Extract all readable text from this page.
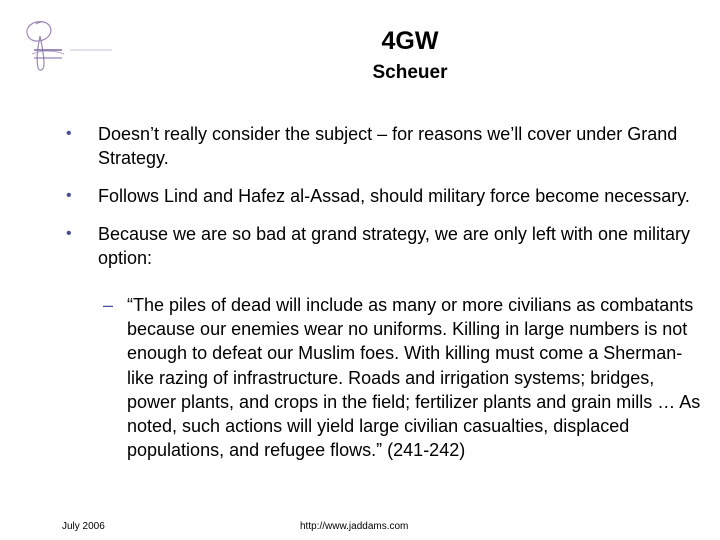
4GW
Scheuer
• Doesn’t really consider the subject – for reasons we’ll cover under Grand Strategy.
• Follows Lind and Hafez al-Assad, should military force become necessary.
• Because we are so bad at grand strategy, we are only left with one military option:
– “The piles of dead will include as many or more civilians as combatants because our enemies wear no uniforms. Killing in large numbers is not enough to defeat our Muslim foes. With killing must come a Sherman-like razing of infrastructure. Roads and irrigation systems; bridges, power plants, and crops in the field; fertilizer plants and grain mills … As noted, such actions will yield large civilian casualties, displaced populations, and refugee flows.” (241-242)
July 2006	http://www.jaddams.com
